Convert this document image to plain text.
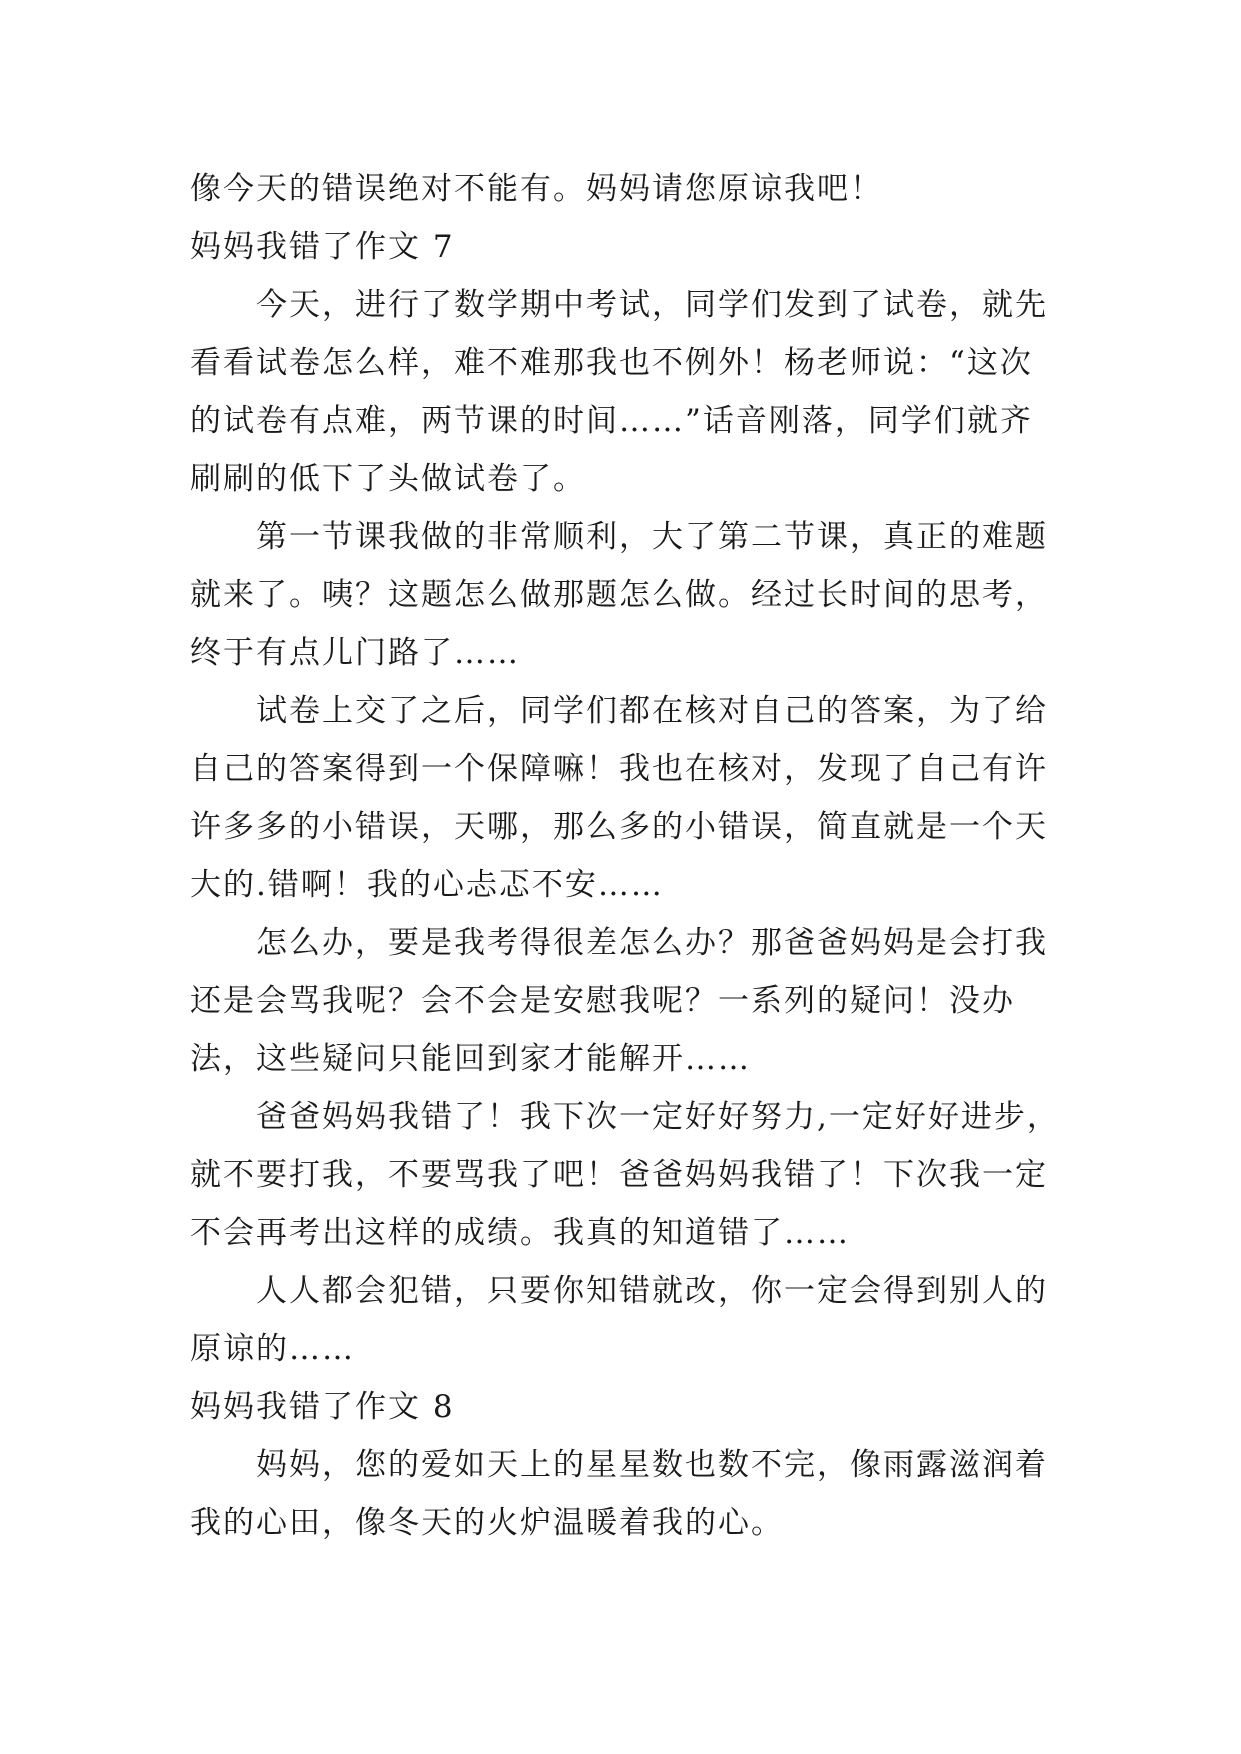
像今天的错误绝对不能有。妈妈请您原谅我吧！
妈妈我错了作文 7
今天，进行了数学期中考试，同学们发到了试卷，就先
看看试卷怎么样，难不难那我也不例外！杨老师说：“这次
的试卷有点难，两节课的时间……”话音刚落，同学们就齐
刷刷的低下了头做试卷了。
第一节课我做的非常顺利，大了第二节课，真正的难题
就来了。咦？这题怎么做那题怎么做。经过长时间的思考，
终于有点儿门路了……
试卷上交了之后，同学们都在核对自己的答案，为了给
自己的答案得到一个保障嘛！我也在核对，发现了自己有许
许多多的小错误，天哪，那么多的小错误，简直就是一个天
大的.错啊！我的心忐忑不安……
怎么办，要是我考得很差怎么办？那爸爸妈妈是会打我
还是会骂我呢？会不会是安慰我呢？一系列的疑问！没办
法，这些疑问只能回到家才能解开……
爸爸妈妈我错了！我下次一定好好努力,一定好好进步，
就不要打我，不要骂我了吧！爸爸妈妈我错了！下次我一定
不会再考出这样的成绩。我真的知道错了……
人人都会犯错，只要你知错就改，你一定会得到别人的
原谅的……
妈妈我错了作文 8
妈妈，您的爱如天上的星星数也数不完，像雨露滋润着
我的心田，像冬天的火炉温暖着我的心。
